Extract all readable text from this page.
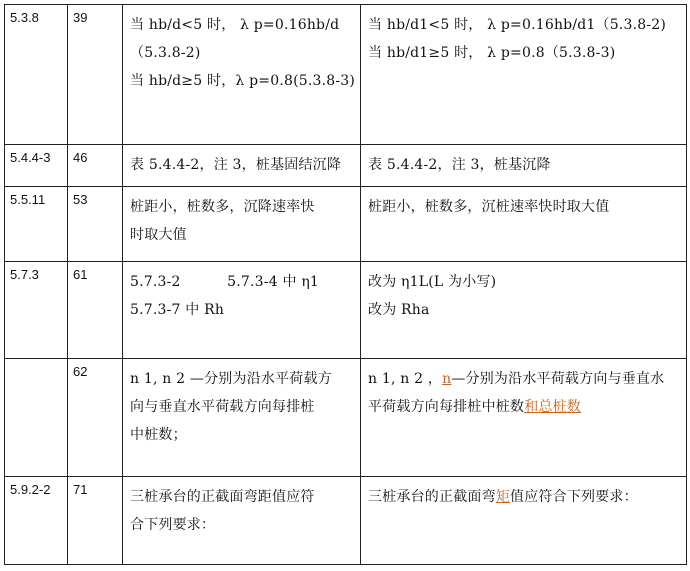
5.3.8	39	当 hb/d<5 时， λ p=0.16hb/d
（5.3.8-2)
当 hb/d≥5 时，λ p=0.8(5.3.8-3)	当 hb/d1<5 时， λ p=0.16hb/d1（5.3.8-2)
当 hb/d1≥5 时， λ p=0.8（5.3.8-3)

5.4.4-3	46	表 5.4.4-2，注 3，桩基固结沉降	表 5.4.4-2，注 3，桩基沉降

5.5.11	53	桩距小，桩数多，沉降速率快
时取大值	桩距小，桩数多，沉桩速率快时取大值

5.7.3	61	5.7.3-2          5.7.3-4 中 η1
5.7.3-7 中 Rh	改为 η1L(L 为小写)
改为 Rha

	62	n 1, n 2 —分别为沿水平荷载方
向与垂直水平荷载方向每排桩
中桩数；	n 1, n 2 ，n—分别为沿水平荷载方向与垂直水平荷载方向每排桩中桩数和总桩数

5.9.2-2	71	三桩承台的正截面弯距值应符
合下列要求：	三桩承台的正截面弯矩值应符合下列要求：
